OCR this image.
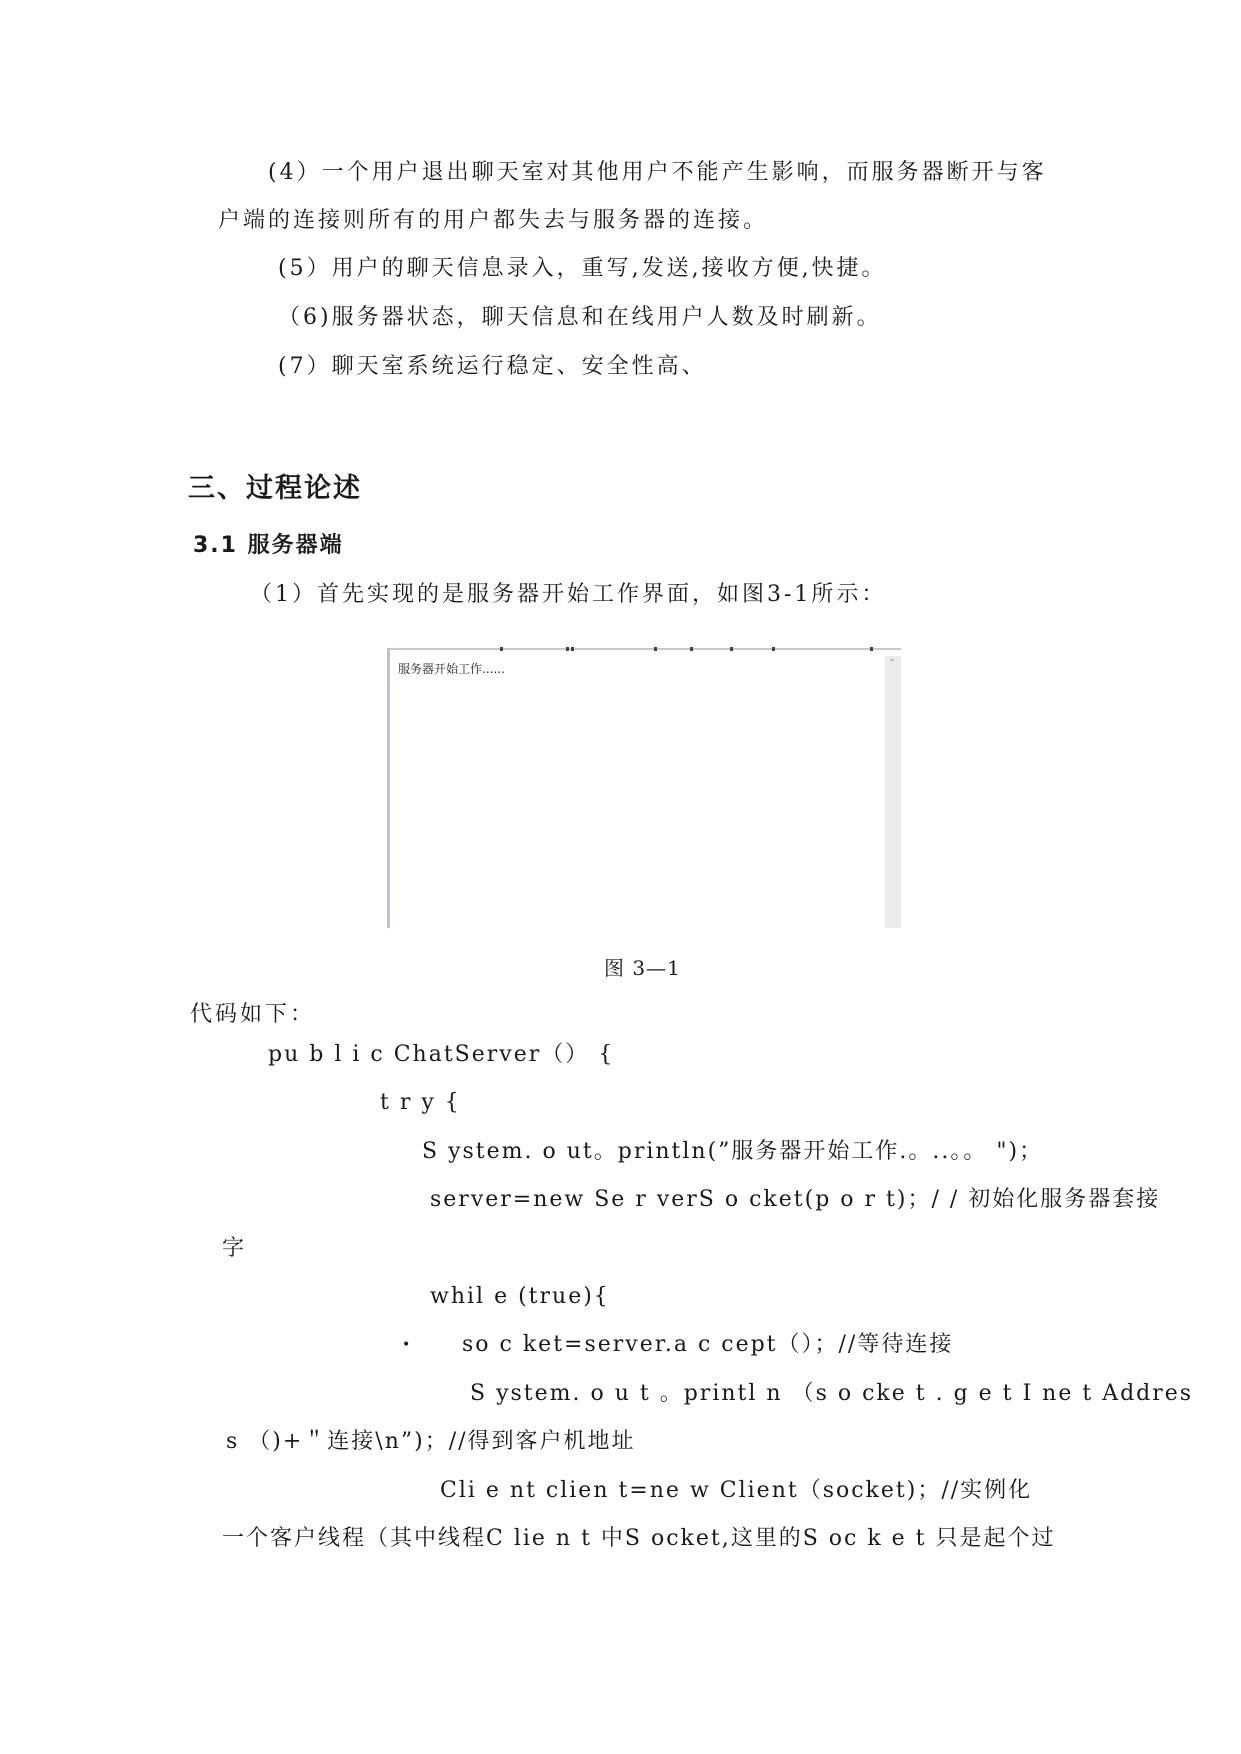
(4）一个用户退出聊天室对其他用户不能产生影响，而服务器断开与客
户端的连接则所有的用户都失去与服务器的连接。
(5）用户的聊天信息录入，重写,发送,接收方便,快捷。
（6)服务器状态，聊天信息和在线用户人数及时刷新。
(7）聊天室系统运行稳定、安全性高、
三、过程论述
3.1 服务器端
（1）首先实现的是服务器开始工作界面，如图3-1所示：
服务器开始工作......	⌃
图 3—1
代码如下：
pu b l i c ChatServer（） {
t r y {
S ystem. o ut。println(”服务器开始工作.。..。。 ")；
server=new Se r verS o cket(p o r t)；/ / 初始化服务器套接
字
whil e (true){
• so c ket=server.a c cept（）；//等待连接
S ystem. o u t 。printl n （s o cke t . g e t I ne t Addres
s （)+＂连接\n”)；//得到客户机地址
Cli e nt clien t=ne w Client（socket)；//实例化
一个客户线程（其中线程C lie n t 中S ocket,这里的S oc k e t 只是起个过
